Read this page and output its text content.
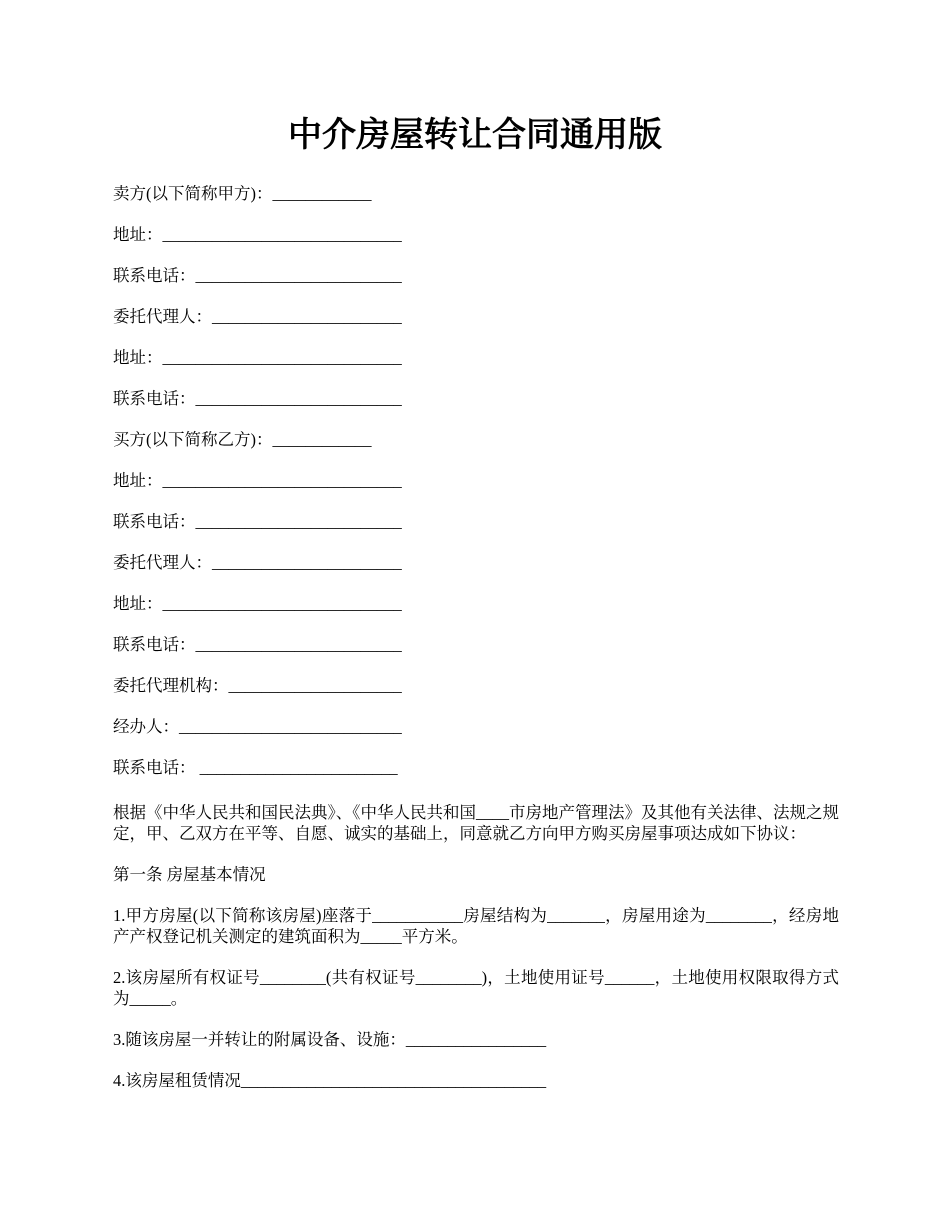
中介房屋转让合同通用版
卖方(以下简称甲方)：____________
地址：_____________________________
联系电话：_________________________
委托代理人：_______________________
地址：_____________________________
联系电话：_________________________
买方(以下简称乙方)：____________
地址：_____________________________
联系电话：_________________________
委托代理人：_______________________
地址：_____________________________
联系电话：_________________________
委托代理机构：_____________________
经办人：___________________________
联系电话： ________________________

根据《中华人民共和国民法典》、《中华人民共和国____市房地产管理法》及其他有关法律、法规之规定，甲、乙双方在平等、自愿、诚实的基础上，同意就乙方向甲方购买房屋事项达成如下协议：

第一条 房屋基本情况

1.甲方房屋(以下简称该房屋)座落于___________房屋结构为_______，房屋用途为________，经房地产产权登记机关测定的建筑面积为_____平方米。

2.该房屋所有权证号________(共有权证号________)，土地使用证号______，土地使用权限取得方式为_____。

3.随该房屋一并转让的附属设备、设施：_________________

4.该房屋租赁情况_____________________________________
